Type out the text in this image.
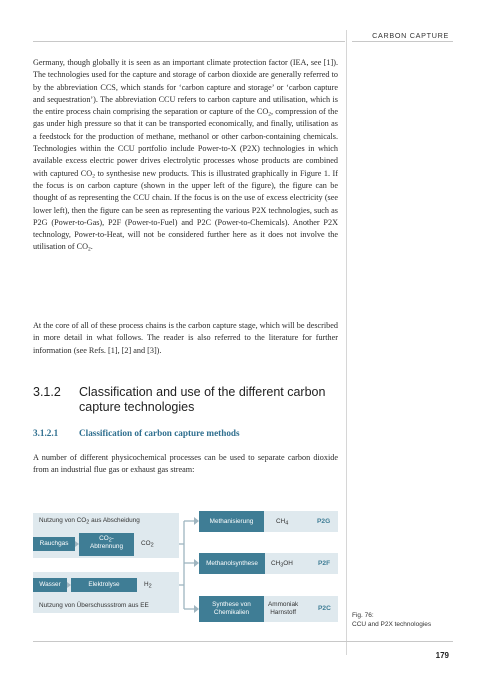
CARBON CAPTURE

Germany, though globally it is seen as an important climate protection factor (IEA, see [1]). The technologies used for the capture and storage of carbon dioxide are generally referred to by the abbreviation CCS, which stands for ‘carbon capture and storage’ or ‘carbon capture and sequestration’). The abbreviation CCU refers to carbon capture and utilisation, which is the entire process chain comprising the separation or capture of the $CO_2$, compression of the gas under high pressure so that it can be transported economically, and finally, utilisation as a feedstock for the production of methane, methanol or other carbon-containing chemicals. Technologies within the CCU portfolio include Power-to-X (P2X) technologies in which available excess electric power drives electrolytic processes whose products are combined with captured $CO_2$ to synthesise new products. This is illustrated graphically in Figure 1. If the focus is on carbon capture (shown in the upper left of the figure), the figure can be thought of as representing the CCU chain. If the focus is on the use of excess electricity (see lower left), then the figure can be seen as representing the various P2X technologies, such as P2G (Power-to-Gas), P2F (Power-to-Fuel) and P2C (Power-to-Chemicals). Another P2X technology, Power-to-Heat, will not be considered further here as it does not involve the utilisation of $CO_2$.

At the core of all of these process chains is the carbon capture stage, which will be described in more detail in what follows. The reader is also referred to the literature for further information (see Refs. [1], [2] and [3]).

3.1.2 Classification and use of the different carbon capture technologies
3.1.2.1 Classification of carbon capture methods

A number of different physicochemical processes can be used to separate carbon dioxide from an industrial flue gas or exhaust gas stream:

Nutzung von $CO_2$ aus Abscheidung
Rauchgas
$CO_2-$
Abtrennung	$CO_2$
Wasser	Elektrolyse	$H_2$
Nutzung von Überschussstrom aus EE
Methanisierung	$CH_4$	P2G
Methanolsynthese	$CH_3OH$	P2F
Synthese von
Chemikalien
Ammoniak
Harnstoff
P2C
Fig. 76:
CCU and P2X technologies
179
